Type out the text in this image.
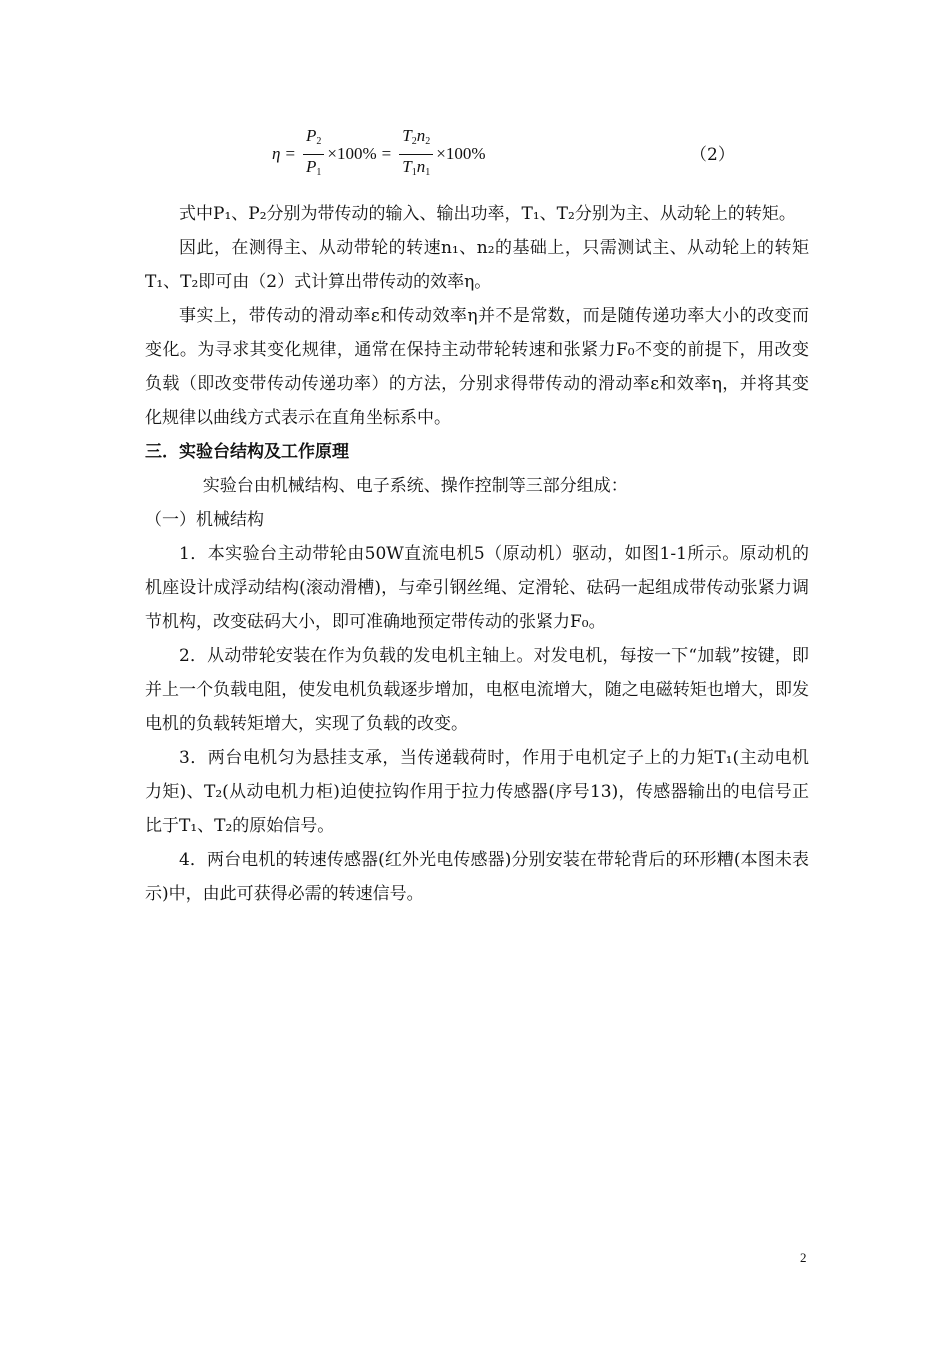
$\eta = \frac{P_2}{P_1} \times 100\% = \frac{T_2n_2}{T_1n_1} \times 100\%$	（2）

式中P₁、P₂分别为带传动的输入、输出功率，T₁、T₂分别为主、从动轮上的转矩。

因此，在测得主、从动带轮的转速n₁、n₂的基础上，只需测试主、从动轮上的转矩T₁、T₂即可由（2）式计算出带传动的效率η。

事实上，带传动的滑动率ε和传动效率η并不是常数，而是随传递功率大小的改变而变化。为寻求其变化规律，通常在保持主动带轮转速和张紧力F₀不变的前提下，用改变负载（即改变带传动传递功率）的方法，分别求得带传动的滑动率ε和效率η，并将其变化规律以曲线方式表示在直角坐标系中。

三．实验台结构及工作原理

实验台由机械结构、电子系统、操作控制等三部分组成：

（一）机械结构

1．本实验台主动带轮由50W直流电机5（原动机）驱动，如图1-1所示。原动机的机座设计成浮动结构(滚动滑槽)，与牵引钢丝绳、定滑轮、砝码一起组成带传动张紧力调节机构，改变砝码大小，即可准确地预定带传动的张紧力F₀。

2．从动带轮安装在作为负载的发电机主轴上。对发电机，每按一下“加载”按键，即并上一个负载电阻，使发电机负载逐步增加，电枢电流增大，随之电磁转矩也增大，即发电机的负载转矩增大，实现了负载的改变。

3．两台电机匀为悬挂支承，当传递载荷时，作用于电机定子上的力矩T₁(主动电机力矩)、T₂(从动电机力柜)迫使拉钩作用于拉力传感器(序号13)，传感器输出的电信号正比于T₁、T₂的原始信号。

4．两台电机的转速传感器(红外光电传感器)分别安装在带轮背后的环形糟(本图未表示)中，由此可获得必需的转速信号。

2
